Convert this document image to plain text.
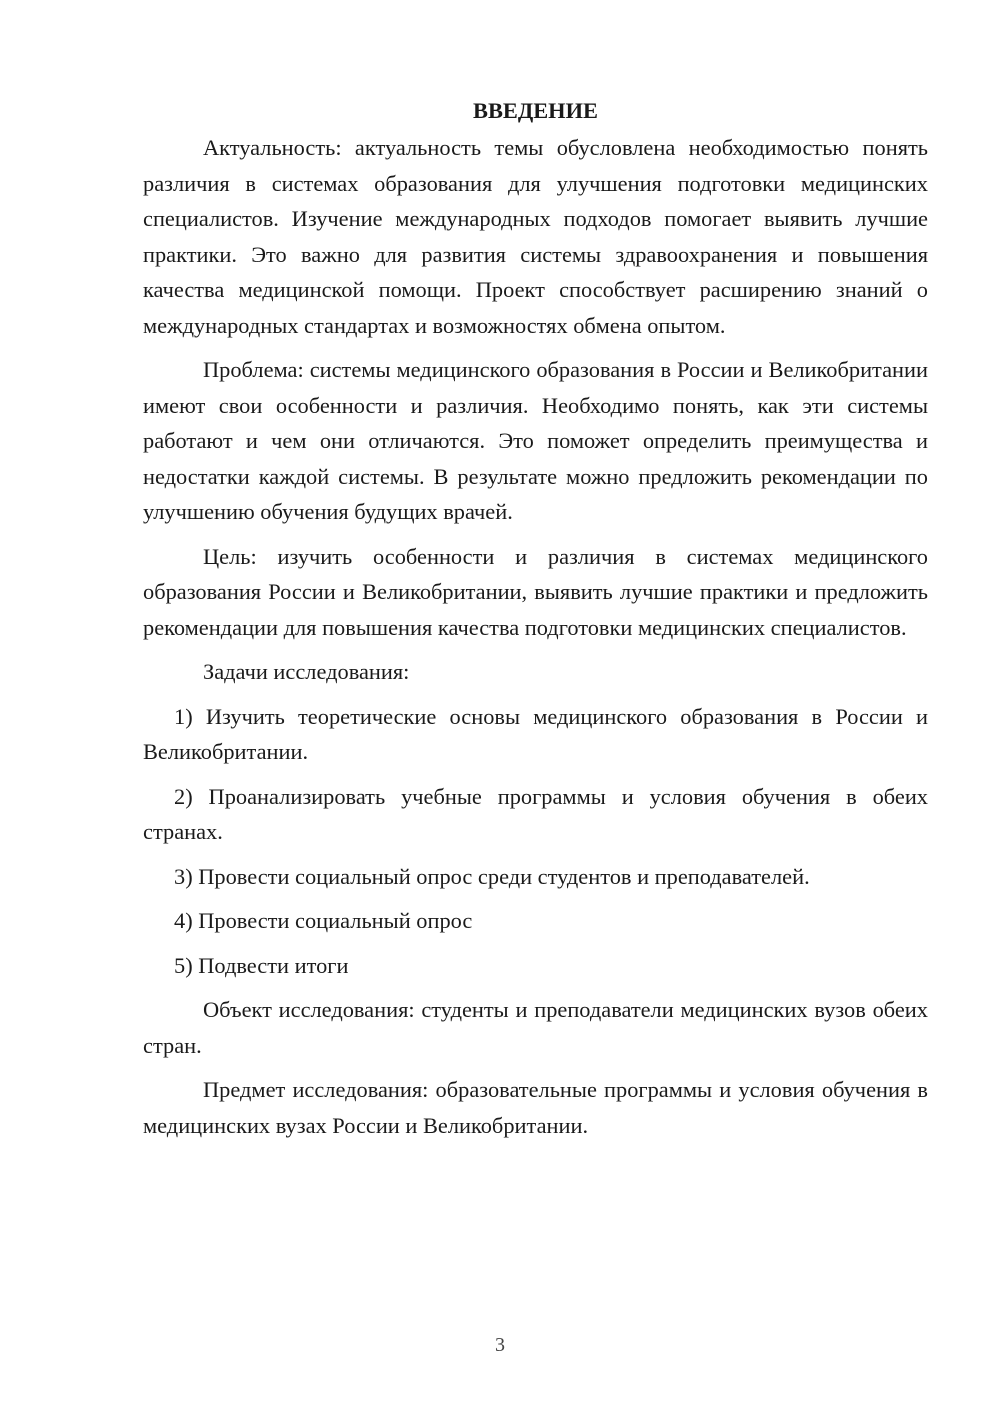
ВВЕДЕНИЕ

Актуальность: актуальность темы обусловлена необходимостью понять различия в системах образования для улучшения подготовки медицинских специалистов. Изучение международных подходов помогает выявить лучшие практики. Это важно для развития системы здравоохранения и повышения качества медицинской помощи. Проект способствует расширению знаний о международных стандартах и возможностях обмена опытом.

Проблема: системы медицинского образования в России и Великобритании имеют свои особенности и различия. Необходимо понять, как эти системы работают и чем они отличаются. Это поможет определить преимущества и недостатки каждой системы. В результате можно предложить рекомендации по улучшению обучения будущих врачей.

Цель: изучить особенности и различия в системах медицинского образования России и Великобритании, выявить лучшие практики и предложить рекомендации для повышения качества подготовки медицинских специалистов.

Задачи исследования:

1) Изучить теоретические основы медицинского образования в России и Великобритании.

2) Проанализировать учебные программы и условия обучения в обеих странах.

3) Провести социальный опрос среди студентов и преподавателей.

4) Провести социальный опрос

5) Подвести итоги

Объект исследования: студенты и преподаватели медицинских вузов обеих стран.

Предмет исследования: образовательные программы и условия обучения в медицинских вузах России и Великобритании.

3
